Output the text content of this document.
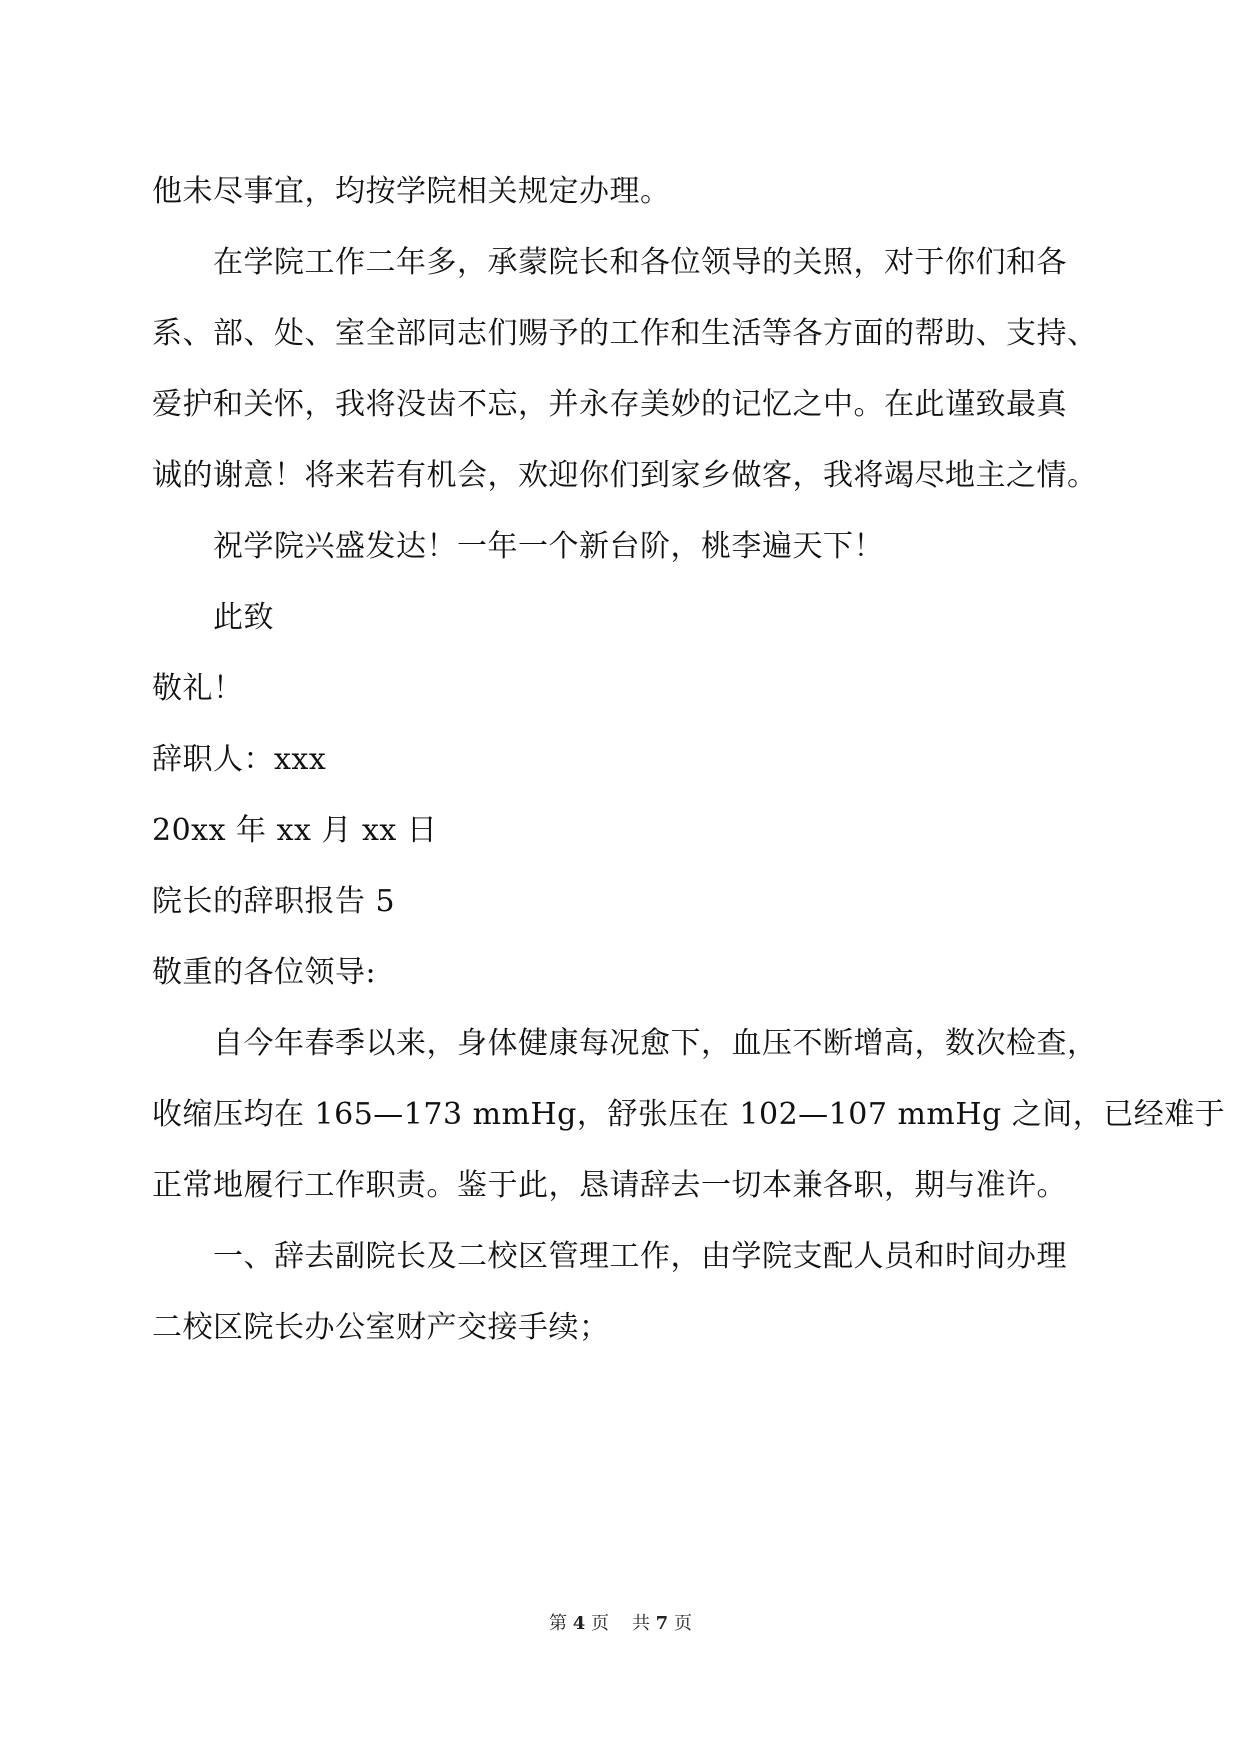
他未尽事宜，均按学院相关规定办理。
在学院工作二年多，承蒙院长和各位领导的关照，对于你们和各
系、部、处、室全部同志们赐予的工作和生活等各方面的帮助、支持、
爱护和关怀，我将没齿不忘，并永存美妙的记忆之中。在此谨致最真
诚的谢意！将来若有机会，欢迎你们到家乡做客，我将竭尽地主之情。
祝学院兴盛发达！一年一个新台阶，桃李遍天下！
此致
敬礼！
辞职人：xxx
20xx 年 xx 月 xx 日
院长的辞职报告 5
敬重的各位领导:
自今年春季以来，身体健康每况愈下，血压不断增高，数次检查，
收缩压均在 165—173 mmHg，舒张压在 102—107 mmHg 之间，已经难于
正常地履行工作职责。鉴于此，恳请辞去一切本兼各职，期与准许。
一、辞去副院长及二校区管理工作，由学院支配人员和时间办理
二校区院长办公室财产交接手续；
第 4 页 共 7 页
